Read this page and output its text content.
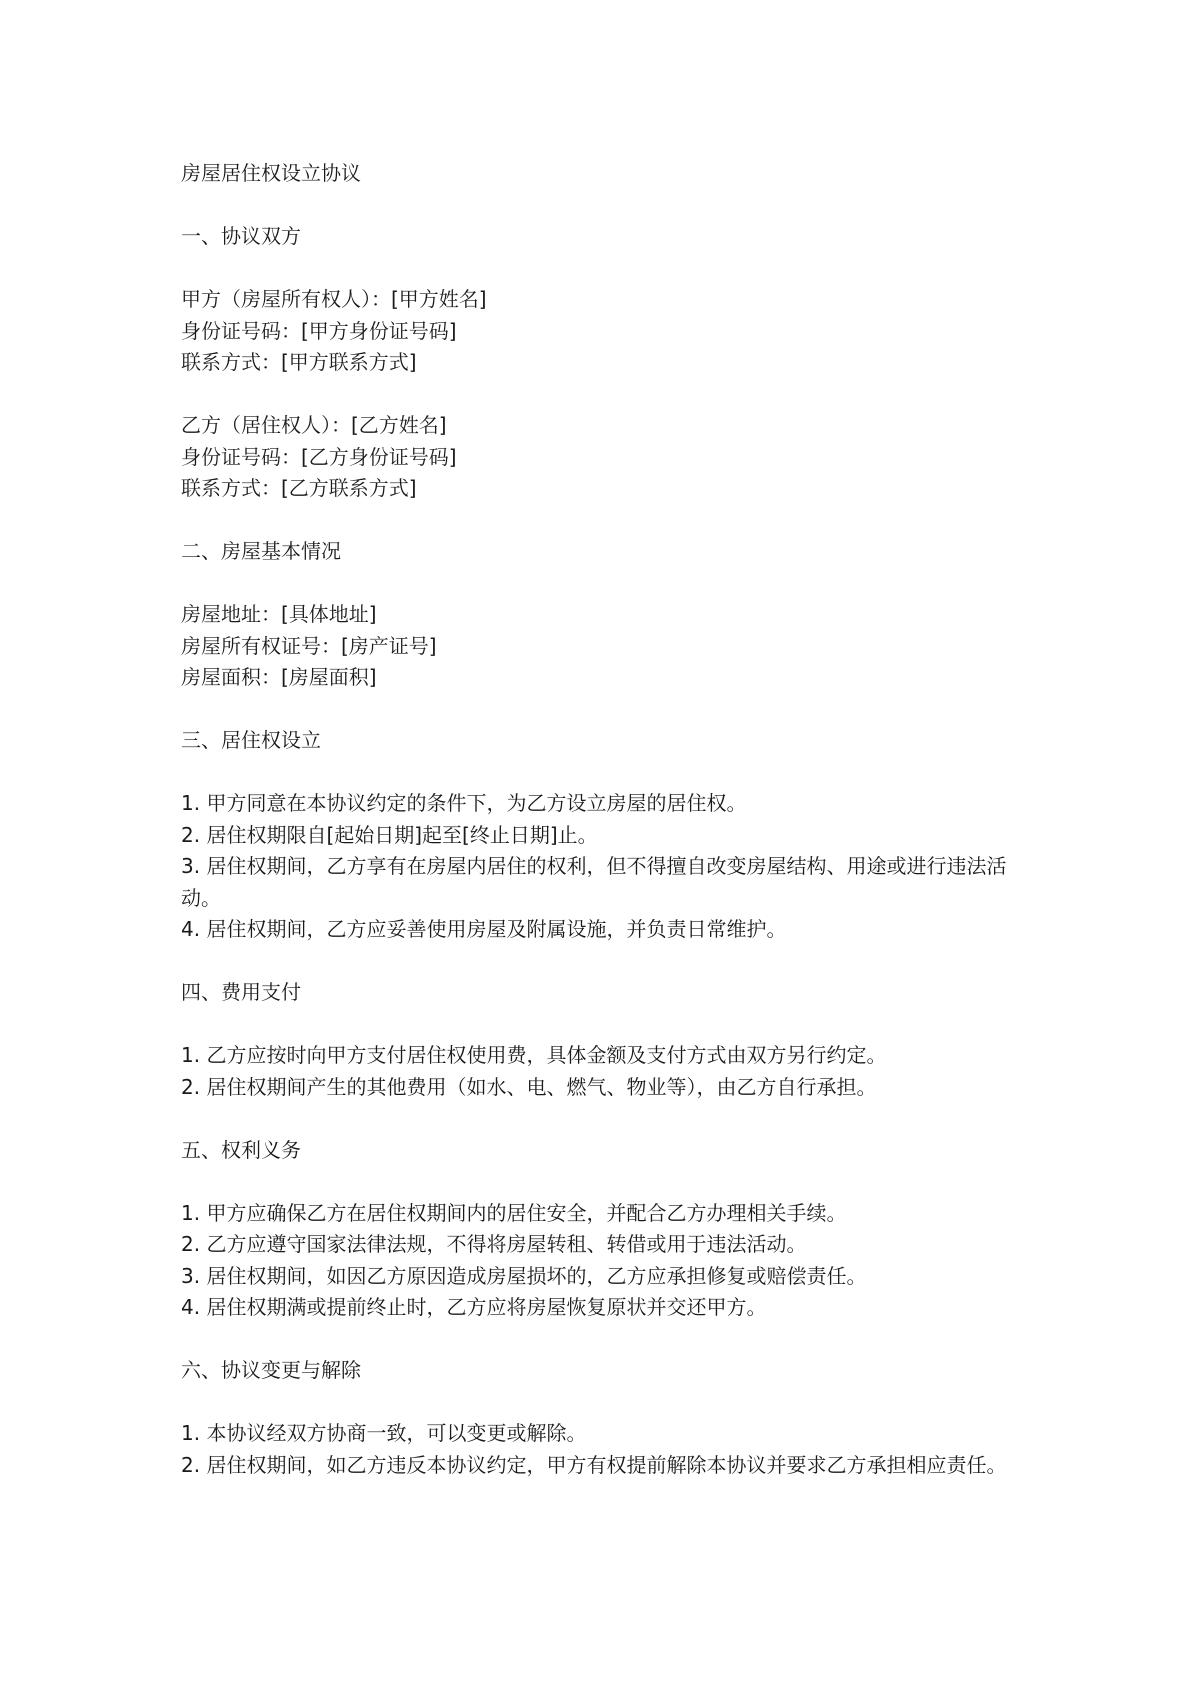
房屋居住权设立协议

一、协议双方

甲方（房屋所有权人）：[甲方姓名]

身份证号码：[甲方身份证号码]

联系方式：[甲方联系方式]

乙方（居住权人）：[乙方姓名]

身份证号码：[乙方身份证号码]

联系方式：[乙方联系方式]

二、房屋基本情况

房屋地址：[具体地址]

房屋所有权证号：[房产证号]

房屋面积：[房屋面积]

三、居住权设立

1. 甲方同意在本协议约定的条件下，为乙方设立房屋的居住权。

2. 居住权期限自[起始日期]起至[终止日期]止。

3. 居住权期间，乙方享有在房屋内居住的权利，但不得擅自改变房屋结构、用途或进行违法活动。

4. 居住权期间，乙方应妥善使用房屋及附属设施，并负责日常维护。

四、费用支付

1. 乙方应按时向甲方支付居住权使用费，具体金额及支付方式由双方另行约定。

2. 居住权期间产生的其他费用（如水、电、燃气、物业等），由乙方自行承担。

五、权利义务

1. 甲方应确保乙方在居住权期间内的居住安全，并配合乙方办理相关手续。

2. 乙方应遵守国家法律法规，不得将房屋转租、转借或用于违法活动。

3. 居住权期间，如因乙方原因造成房屋损坏的，乙方应承担修复或赔偿责任。

4. 居住权期满或提前终止时，乙方应将房屋恢复原状并交还甲方。

六、协议变更与解除

1. 本协议经双方协商一致，可以变更或解除。

2. 居住权期间，如乙方违反本协议约定，甲方有权提前解除本协议并要求乙方承担相应责任。
